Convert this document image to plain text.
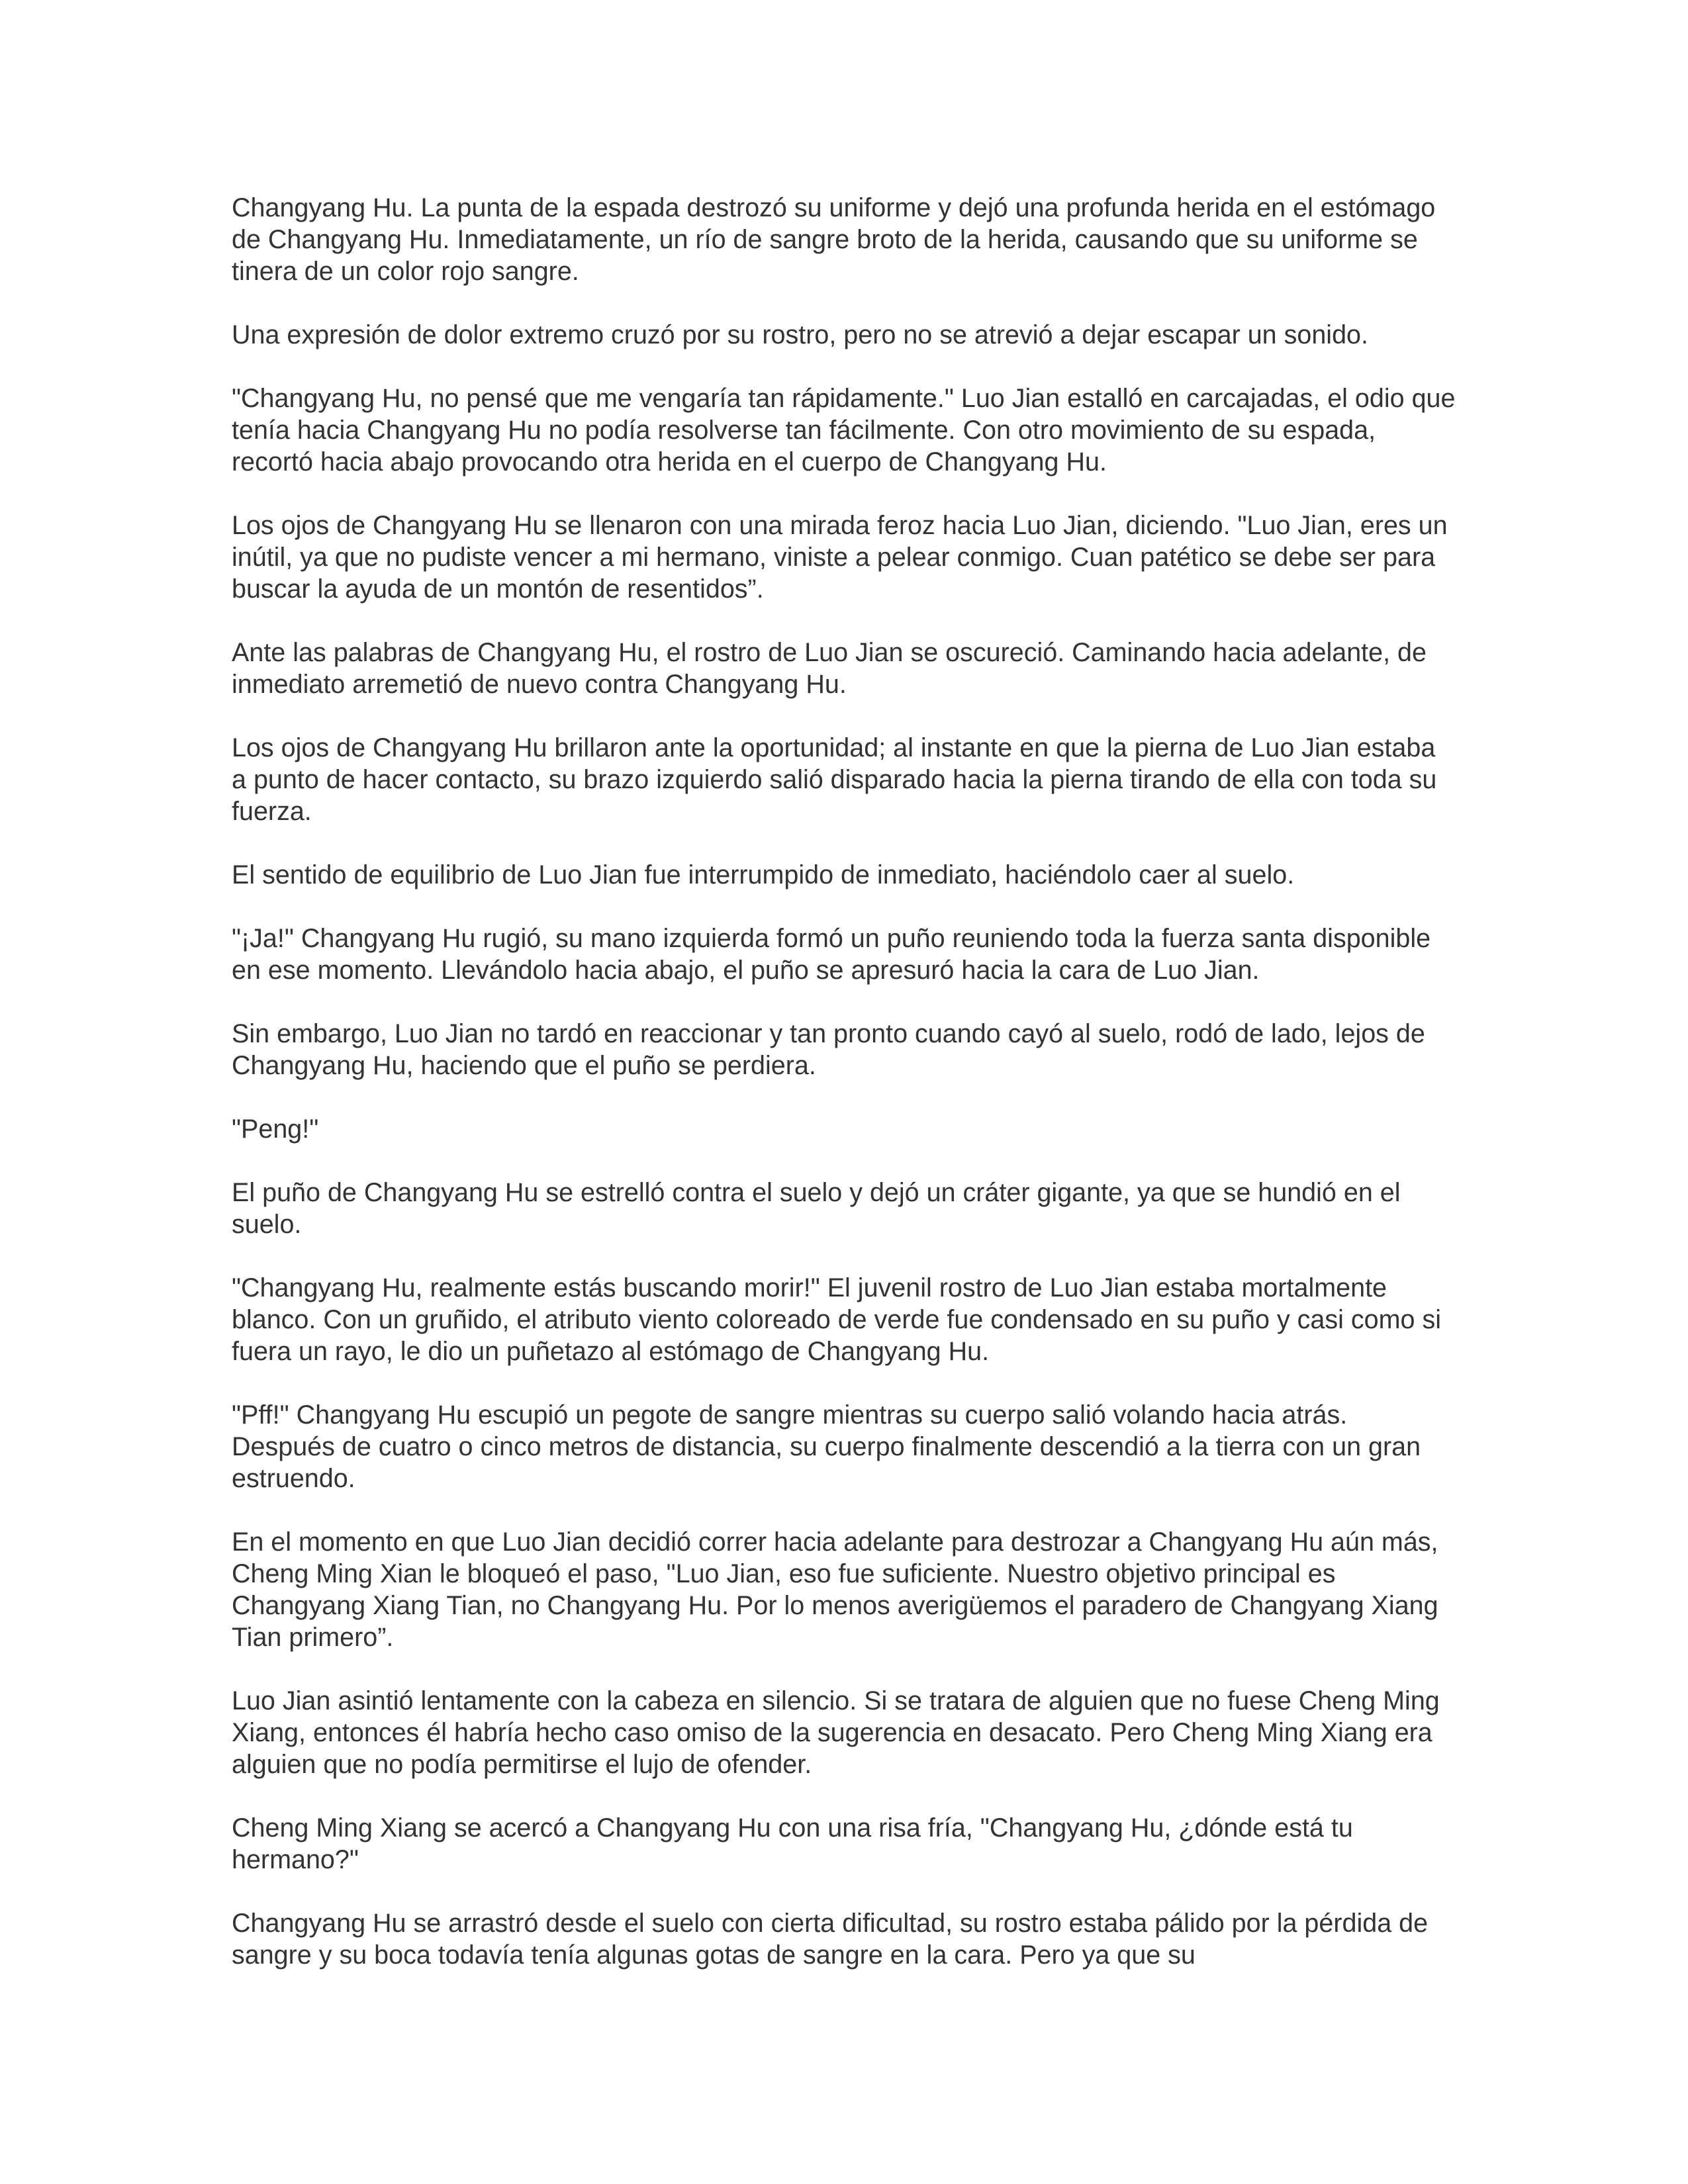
Changyang Hu. La punta de la espada destrozó su uniforme y dejó una profunda herida en el estómago de Changyang Hu. Inmediatamente, un río de sangre broto de la herida, causando que su uniforme se tinera de un color rojo sangre.

Una expresión de dolor extremo cruzó por su rostro, pero no se atrevió a dejar escapar un sonido.

"Changyang Hu, no pensé que me vengaría tan rápidamente." Luo Jian estalló en carcajadas, el odio que tenía hacia Changyang Hu no podía resolverse tan fácilmente. Con otro movimiento de su espada, recortó hacia abajo provocando otra herida en el cuerpo de Changyang Hu.

Los ojos de Changyang Hu se llenaron con una mirada feroz hacia Luo Jian, diciendo. "Luo Jian, eres un inútil, ya que no pudiste vencer a mi hermano, viniste a pelear conmigo. Cuan patético se debe ser para buscar la ayuda de un montón de resentidos”.

Ante las palabras de Changyang Hu, el rostro de Luo Jian se oscureció. Caminando hacia adelante, de inmediato arremetió de nuevo contra Changyang Hu.

Los ojos de Changyang Hu brillaron ante la oportunidad; al instante en que la pierna de Luo Jian estaba a punto de hacer contacto, su brazo izquierdo salió disparado hacia la pierna tirando de ella con toda su fuerza.

El sentido de equilibrio de Luo Jian fue interrumpido de inmediato, haciéndolo caer al suelo.

"¡Ja!" Changyang Hu rugió, su mano izquierda formó un puño reuniendo toda la fuerza santa disponible en ese momento. Llevándolo hacia abajo, el puño se apresuró hacia la cara de Luo Jian.

Sin embargo, Luo Jian no tardó en reaccionar y tan pronto cuando cayó al suelo, rodó de lado, lejos de Changyang Hu, haciendo que el puño se perdiera.

"Peng!"

El puño de Changyang Hu se estrelló contra el suelo y dejó un cráter gigante, ya que se hundió en el suelo.

"Changyang Hu, realmente estás buscando morir!" El juvenil rostro de Luo Jian estaba mortalmente blanco. Con un gruñido, el atributo viento coloreado de verde fue condensado en su puño y casi como si fuera un rayo, le dio un puñetazo al estómago de Changyang Hu.

"Pff!" Changyang Hu escupió un pegote de sangre mientras su cuerpo salió volando hacia atrás. Después de cuatro o cinco metros de distancia, su cuerpo finalmente descendió a la tierra con un gran estruendo.

En el momento en que Luo Jian decidió correr hacia adelante para destrozar a Changyang Hu aún más, Cheng Ming Xian le bloqueó el paso, "Luo Jian, eso fue suficiente. Nuestro objetivo principal es Changyang Xiang Tian, no Changyang Hu. Por lo menos averigüemos el paradero de Changyang Xiang Tian primero”.

Luo Jian asintió lentamente con la cabeza en silencio. Si se tratara de alguien que no fuese Cheng Ming Xiang, entonces él habría hecho caso omiso de la sugerencia en desacato. Pero Cheng Ming Xiang era alguien que no podía permitirse el lujo de ofender.

Cheng Ming Xiang se acercó a Changyang Hu con una risa fría, "Changyang Hu, ¿dónde está tu hermano?"

Changyang Hu se arrastró desde el suelo con cierta dificultad, su rostro estaba pálido por la pérdida de sangre y su boca todavía tenía algunas gotas de sangre en la cara. Pero ya que su
